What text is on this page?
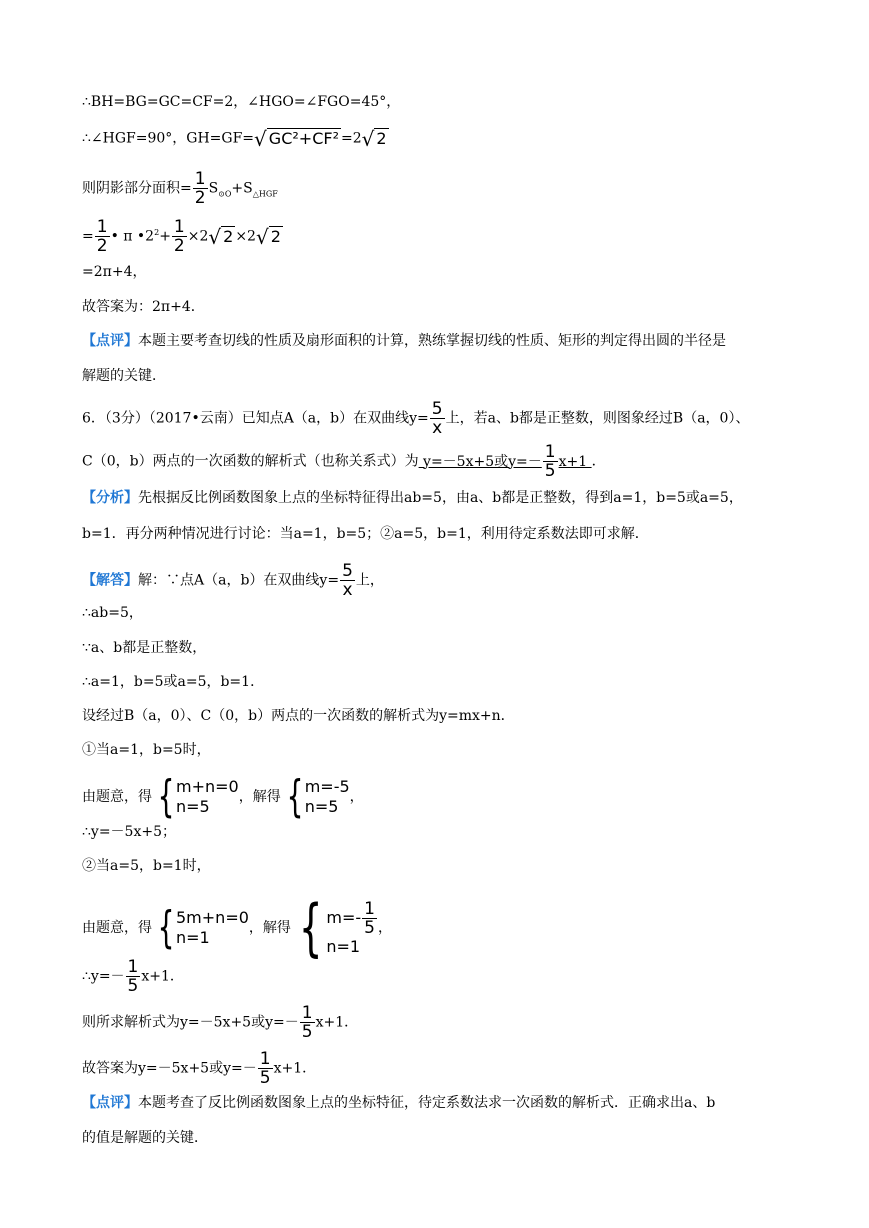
∴BH=BG=GC=CF=2，∠HGO=∠FGO=45°，
∴∠HGF=90°，GH=GF= √ GC²+CF² =2 √ 2
则阴影部分面积= $\frac{1}{2} S_{⊙O}+S_{\triangle HGF}$
= $\frac{1}{2}$ • π $•2^2+ \frac{1}{2} \times 2$ √ 2 ×2 √ 2
=2π+4，
故答案为：2π+4．
【点评】本题主要考查切线的性质及扇形面积的计算，熟练掌握切线的性质、矩形的判定得出圆的半径是
解题的关键．
6．（3分）（2017•云南）已知点A（a，b）在双曲线$y= \frac{5}{x}$ 上，若a、b都是正整数，则图象经过B（a，0）、
C（0，b）两点的一次函数的解析式（也称关系式）为 y=－5x+5或$y=- \frac{1}{5} x+1$ ．
【分析】先根据反比例函数图象上点的坐标特征得出ab=5，由a、b都是正整数，得到a=1，b=5或a=5，
b=1．再分两种情况进行讨论：当a=1，b=5；②a=5，b=1，利用待定系数法即可求解．
【解答】解：∵点A（a，b）在双曲线$y= \frac{5}{x}$ 上，
∴ab=5，
∵a、b都是正整数，
∴a=1，b=5或a=5，b=1．
设经过B（a，0）、C（0，b）两点的一次函数的解析式为y=mx+n．
①当a=1，b=5时，
由题意，得 { m+n=0
n=5	，解得 { m=-5
n=5 ，
∴y=－5x+5；
②当a=5，b=1时，
由题意，得 { 5m+n=0
n=1	，解得 { $m=- \frac{1}{5}$
n=1
，
∴y=－ $\frac{1}{5} x+1$．
则所求解析式为y=－5x+5或$y=- \frac{1}{5} x+1$．
故答案为y=－5x+5或$y=- \frac{1}{5} x+1$．
【点评】本题考查了反比例函数图象上点的坐标特征，待定系数法求一次函数的解析式．正确求出a、b
的值是解题的关键．
